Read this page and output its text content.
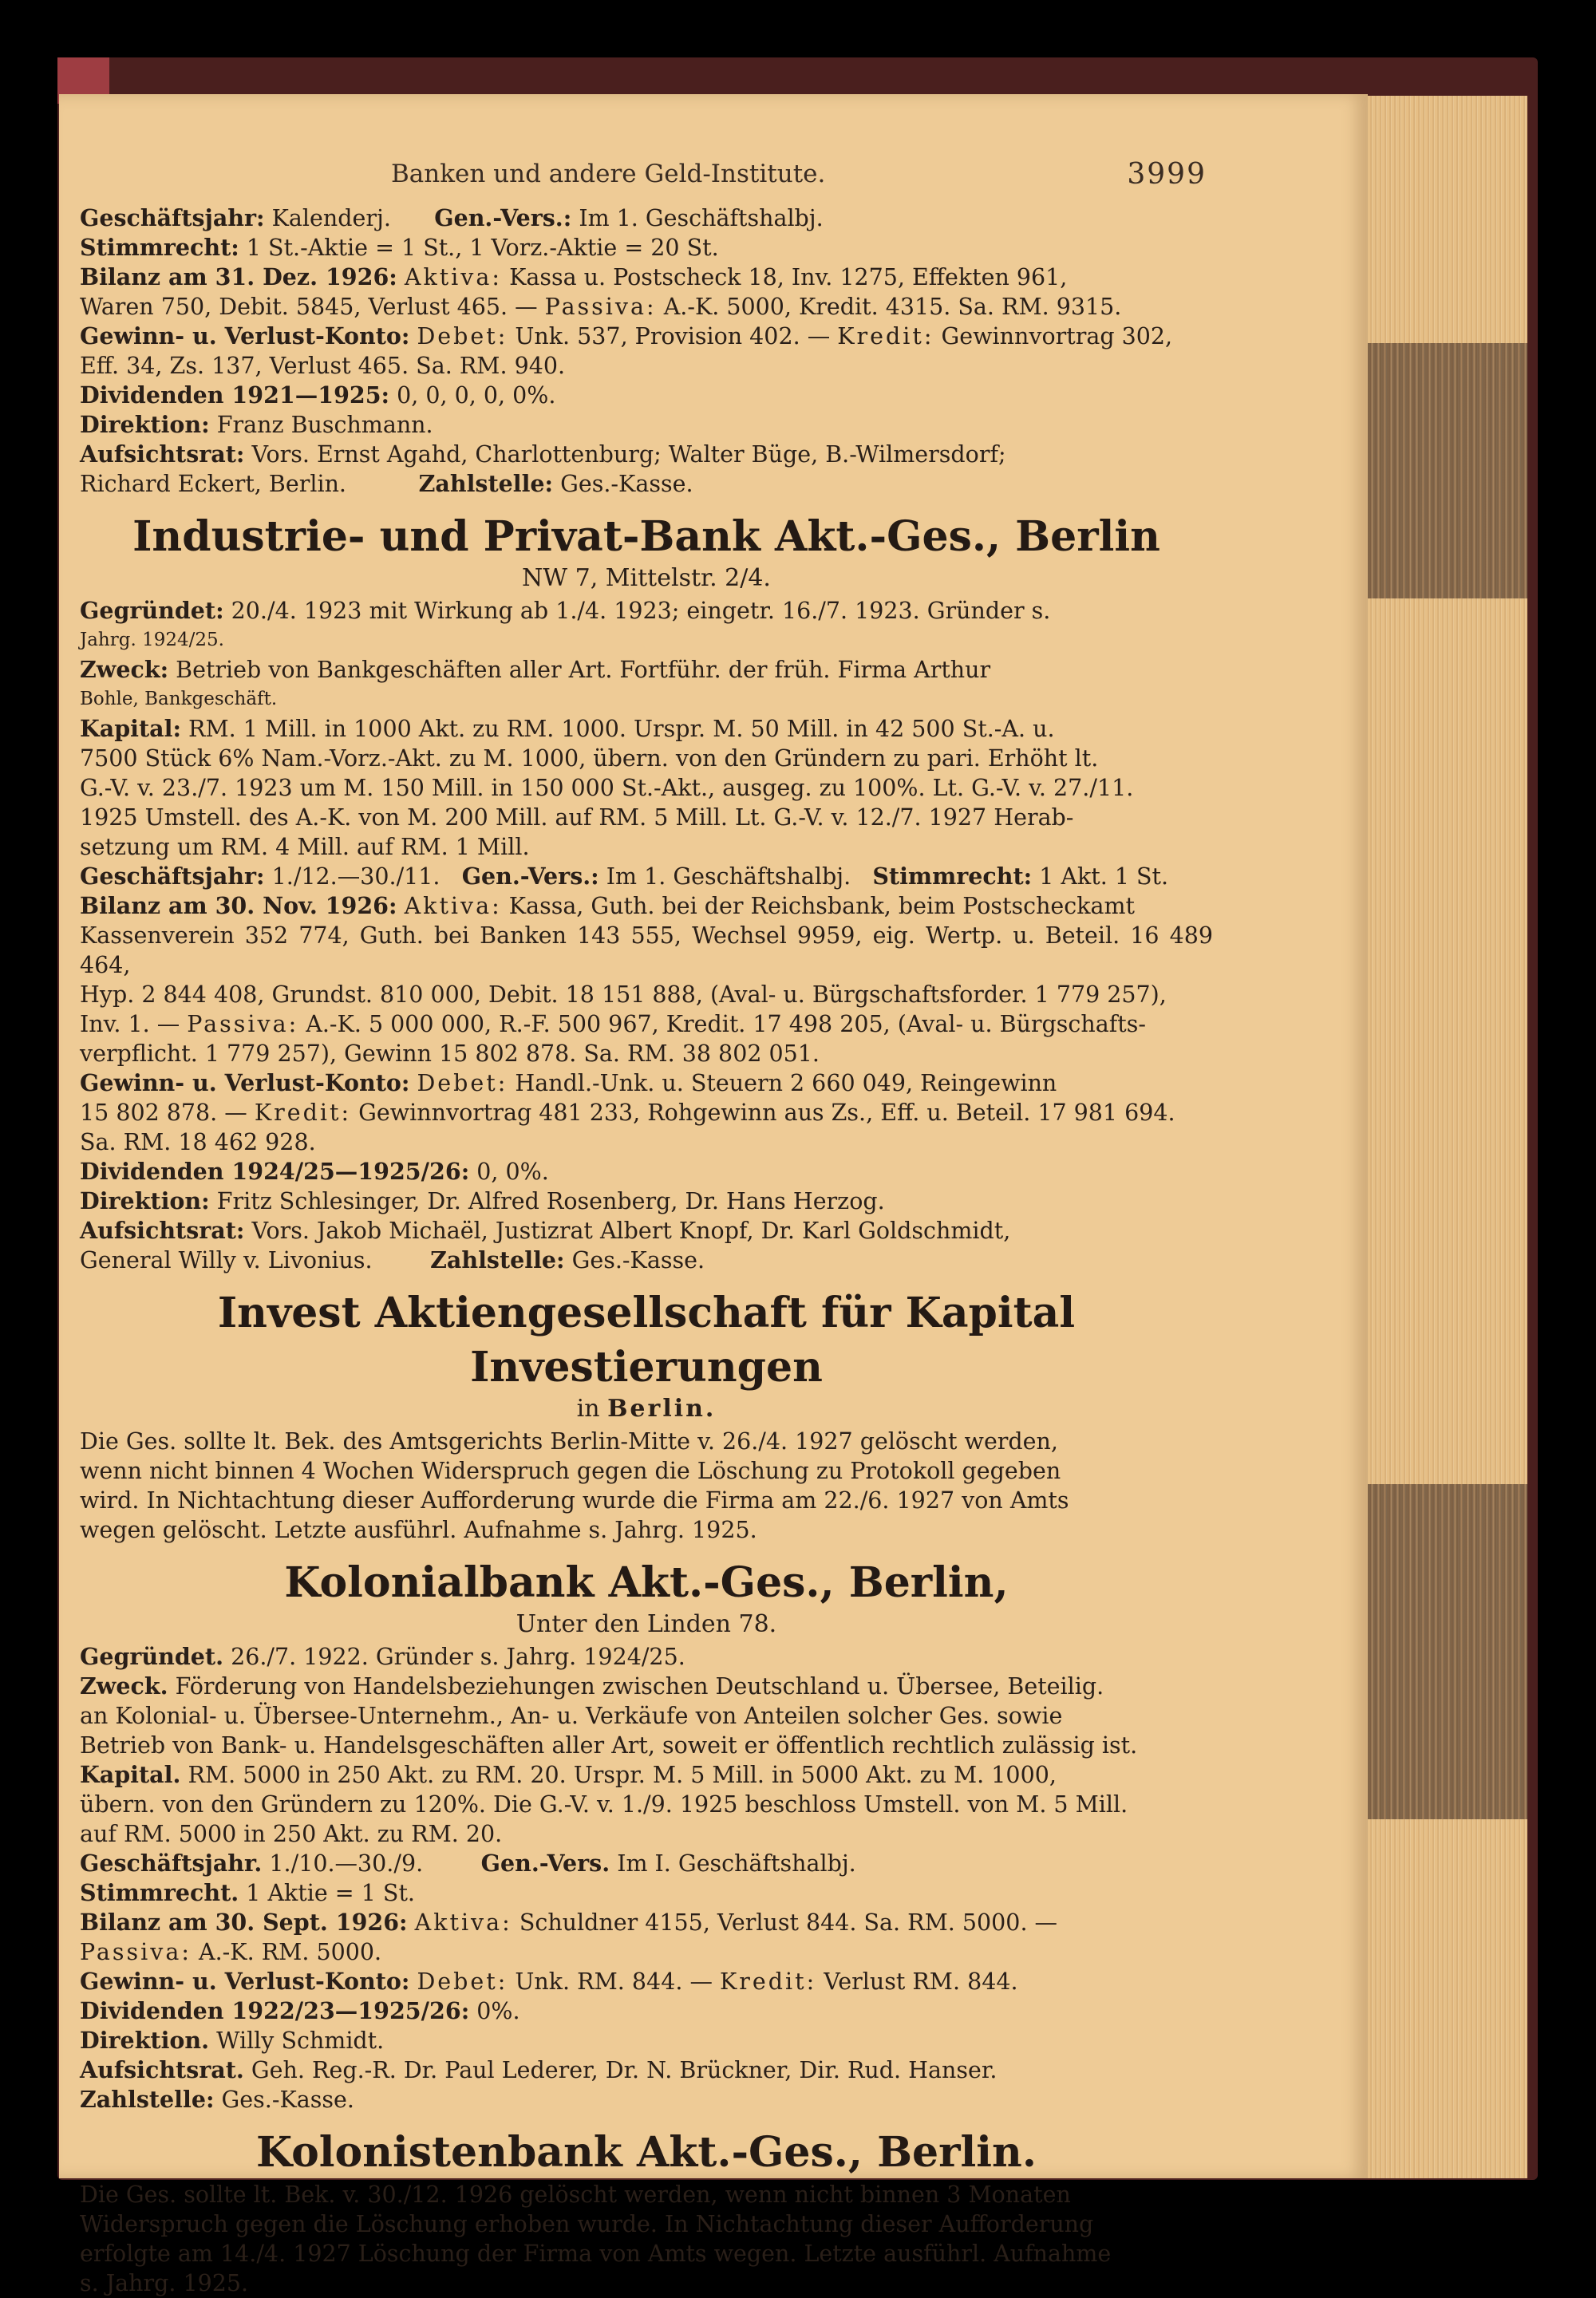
Banken und andere Geld-Institute.	3999

Geschäftsjahr: Kalenderj. Gen.-Vers.: Im 1. Geschäftshalbj.

Stimmrecht: 1 St.-Aktie = 1 St., 1 Vorz.-Aktie = 20 St.

Bilanz am 31. Dez. 1926: Aktiva: Kassa u. Postscheck 18, Inv. 1275, Effekten 961,

Waren 750, Debit. 5845, Verlust 465. — Passiva: A.-K. 5000, Kredit. 4315. Sa. RM. 9315.

Gewinn- u. Verlust-Konto: Debet: Unk. 537, Provision 402. — Kredit: Gewinnvortrag 302,

Eff. 34, Zs. 137, Verlust 465. Sa. RM. 940.

Dividenden 1921—1925: 0, 0, 0, 0, 0%.

Direktion: Franz Buschmann.

Aufsichtsrat: Vors. Ernst Agahd, Charlottenburg; Walter Büge, B.-Wilmersdorf;

Richard Eckert, Berlin.	Zahlstelle: Ges.-Kasse.

Industrie- und Privat-Bank Akt.-Ges., Berlin
NW 7, Mittelstr. 2/4.

Gegründet: 20./4. 1923 mit Wirkung ab 1./4. 1923; eingetr. 16./7. 1923. Gründer s.

Jahrg. 1924/25.

Zweck: Betrieb von Bankgeschäften aller Art. Fortführ. der früh. Firma Arthur

Bohle, Bankgeschäft.

Kapital: RM. 1 Mill. in 1000 Akt. zu RM. 1000. Urspr. M. 50 Mill. in 42 500 St.-A. u.

7500 Stück 6% Nam.-Vorz.-Akt. zu M. 1000, übern. von den Gründern zu pari. Erhöht lt.

G.-V. v. 23./7. 1923 um M. 150 Mill. in 150 000 St.-Akt., ausgeg. zu 100%. Lt. G.-V. v. 27./11.

1925 Umstell. des A.-K. von M. 200 Mill. auf RM. 5 Mill. Lt. G.-V. v. 12./7. 1927 Herab-

setzung um RM. 4 Mill. auf RM. 1 Mill.

Geschäftsjahr: 1./12.—30./11. Gen.-Vers.: Im 1. Geschäftshalbj. Stimmrecht: 1 Akt. 1 St.

Bilanz am 30. Nov. 1926: Aktiva: Kassa, Guth. bei der Reichsbank, beim Postscheckamt

Kassenverein 352 774, Guth. bei Banken 143 555, Wechsel 9959, eig. Wertp. u. Beteil. 16 489 464,

Hyp. 2 844 408, Grundst. 810 000, Debit. 18 151 888, (Aval- u. Bürgschaftsforder. 1 779 257),

Inv. 1. — Passiva: A.-K. 5 000 000, R.-F. 500 967, Kredit. 17 498 205, (Aval- u. Bürgschafts-

verpflicht. 1 779 257), Gewinn 15 802 878. Sa. RM. 38 802 051.

Gewinn- u. Verlust-Konto: Debet: Handl.-Unk. u. Steuern 2 660 049, Reingewinn

15 802 878. — Kredit: Gewinnvortrag 481 233, Rohgewinn aus Zs., Eff. u. Beteil. 17 981 694.

Sa. RM. 18 462 928.

Dividenden 1924/25—1925/26: 0, 0%.

Direktion: Fritz Schlesinger, Dr. Alfred Rosenberg, Dr. Hans Herzog.

Aufsichtsrat: Vors. Jakob Michaël, Justizrat Albert Knopf, Dr. Karl Goldschmidt,

General Willy v. Livonius.	Zahlstelle: Ges.-Kasse.

Invest Aktiengesellschaft für Kapital Investierungen
in Berlin.

Die Ges. sollte lt. Bek. des Amtsgerichts Berlin-Mitte v. 26./4. 1927 gelöscht werden,

wenn nicht binnen 4 Wochen Widerspruch gegen die Löschung zu Protokoll gegeben

wird. In Nichtachtung dieser Aufforderung wurde die Firma am 22./6. 1927 von Amts

wegen gelöscht. Letzte ausführl. Aufnahme s. Jahrg. 1925.

Kolonialbank Akt.-Ges., Berlin,
Unter den Linden 78.

Gegründet. 26./7. 1922. Gründer s. Jahrg. 1924/25.

Zweck. Förderung von Handelsbeziehungen zwischen Deutschland u. Übersee, Beteilig.

an Kolonial- u. Übersee-Unternehm., An- u. Verkäufe von Anteilen solcher Ges. sowie

Betrieb von Bank- u. Handelsgeschäften aller Art, soweit er öffentlich rechtlich zulässig ist.

Kapital. RM. 5000 in 250 Akt. zu RM. 20. Urspr. M. 5 Mill. in 5000 Akt. zu M. 1000,

übern. von den Gründern zu 120%. Die G.-V. v. 1./9. 1925 beschloss Umstell. von M. 5 Mill.

auf RM. 5000 in 250 Akt. zu RM. 20.

Geschäftsjahr. 1./10.—30./9.	Gen.-Vers. Im I. Geschäftshalbj.

Stimmrecht. 1 Aktie = 1 St.

Bilanz am 30. Sept. 1926: Aktiva: Schuldner 4155, Verlust 844. Sa. RM. 5000. —

Passiva: A.-K. RM. 5000.

Gewinn- u. Verlust-Konto: Debet: Unk. RM. 844. — Kredit: Verlust RM. 844.

Dividenden 1922/23—1925/26: 0%.

Direktion. Willy Schmidt.

Aufsichtsrat. Geh. Reg.-R. Dr. Paul Lederer, Dr. N. Brückner, Dir. Rud. Hanser.

Zahlstelle: Ges.-Kasse.

Kolonistenbank Akt.-Ges., Berlin.

Die Ges. sollte lt. Bek. v. 30./12. 1926 gelöscht werden, wenn nicht binnen 3 Monaten

Widerspruch gegen die Löschung erhoben wurde. In Nichtachtung dieser Aufforderung

erfolgte am 14./4. 1927 Löschung der Firma von Amts wegen. Letzte ausführl. Aufnahme

s. Jahrg. 1925.
